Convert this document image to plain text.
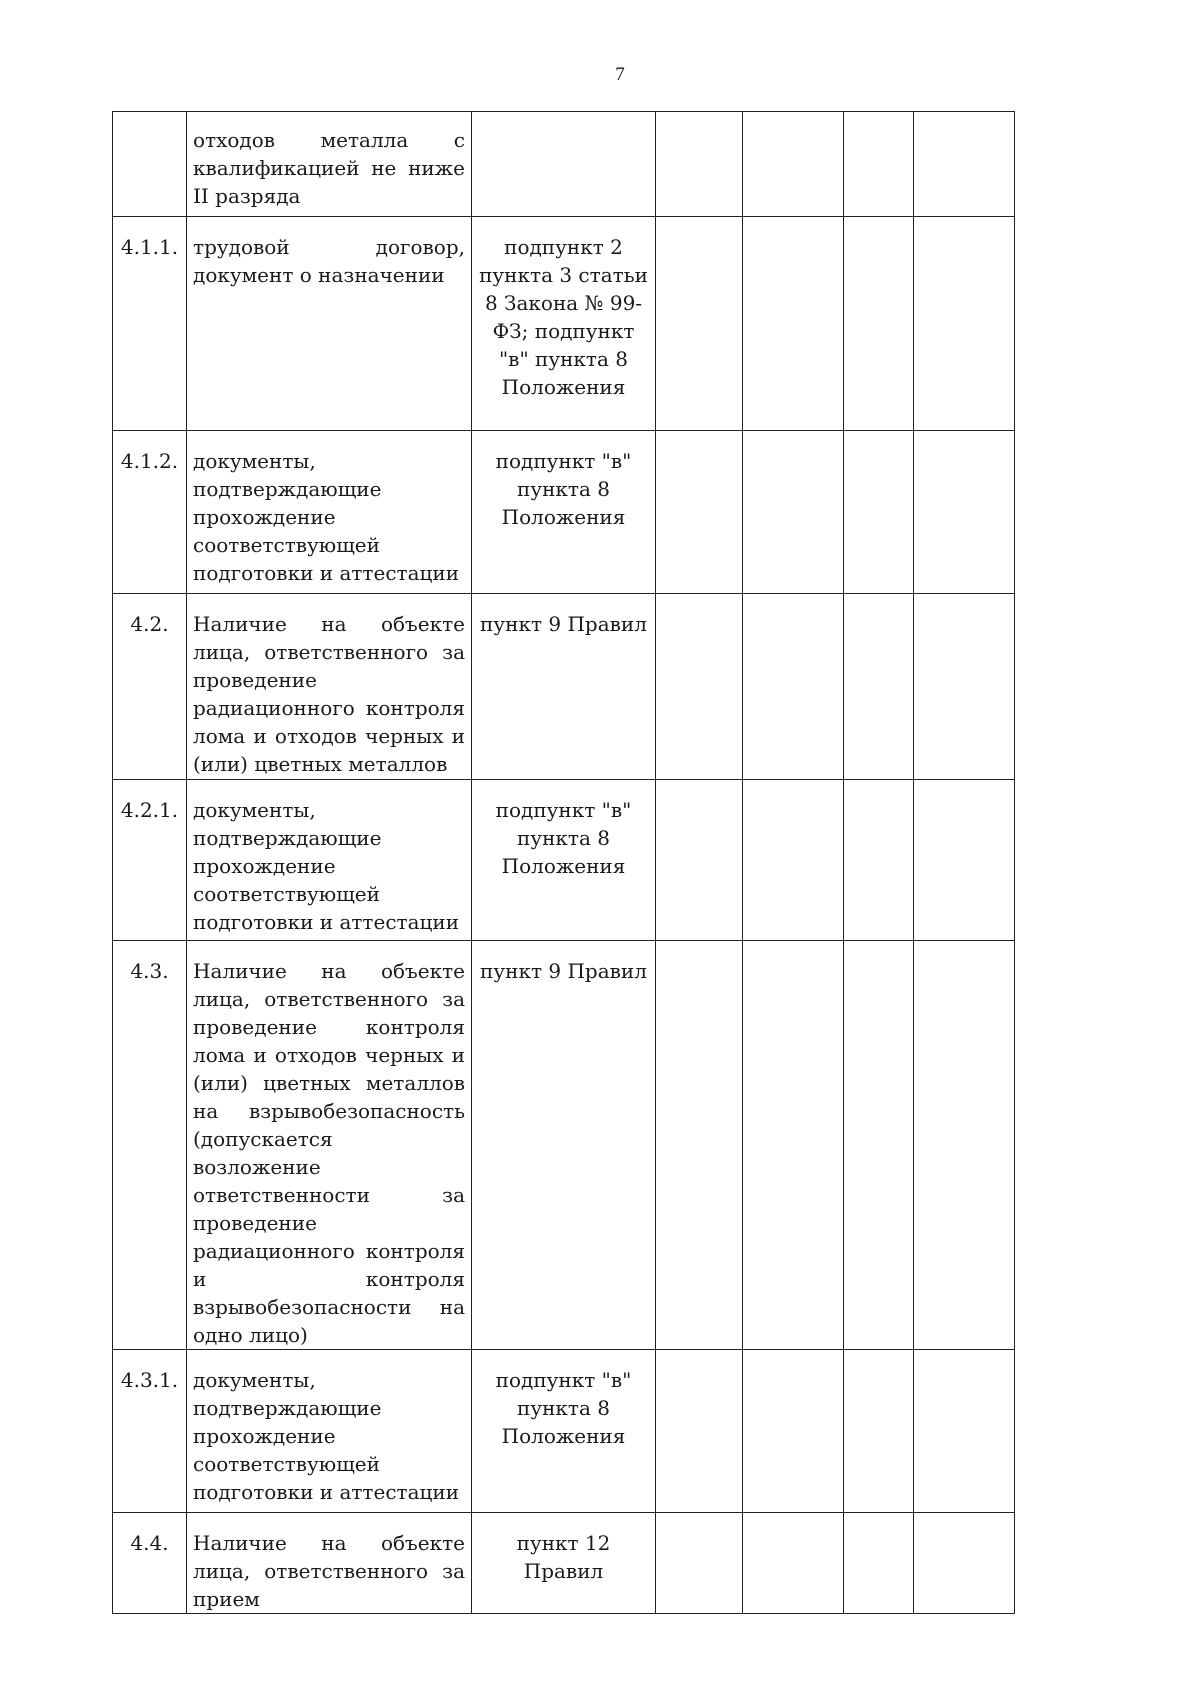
7
	отходов металла с квалификацией не ниже II разряда					
4.1.1.	трудовой договор, документ о назначении	подпункт 2 пункта 3 статьи 8 Закона № 99-ФЗ; подпункт "в" пункта 8 Положения				
4.1.2.	документы, подтверждающие прохождение соответствующей подготовки и аттестации	подпункт "в" пункта 8 Положения				
4.2.	Наличие на объекте лица, ответственного за проведение радиационного контроля лома и отходов черных и (или) цветных металлов	пункт 9 Правил				
4.2.1.	документы, подтверждающие прохождение соответствующей подготовки и аттестации	подпункт "в" пункта 8 Положения				
4.3.	Наличие на объекте лица, ответственного за проведение контроля лома и отходов черных и (или) цветных металлов на взрывобезопасность (допускается возложение ответственности за проведение радиационного контроля и контроля взрывобезопасности на одно лицо)	пункт 9 Правил				
4.3.1.	документы, подтверждающие прохождение соответствующей подготовки и аттестации	подпункт "в" пункта 8 Положения				
4.4.	Наличие на объекте лица, ответственного за прием	пункт 12 Правил				
